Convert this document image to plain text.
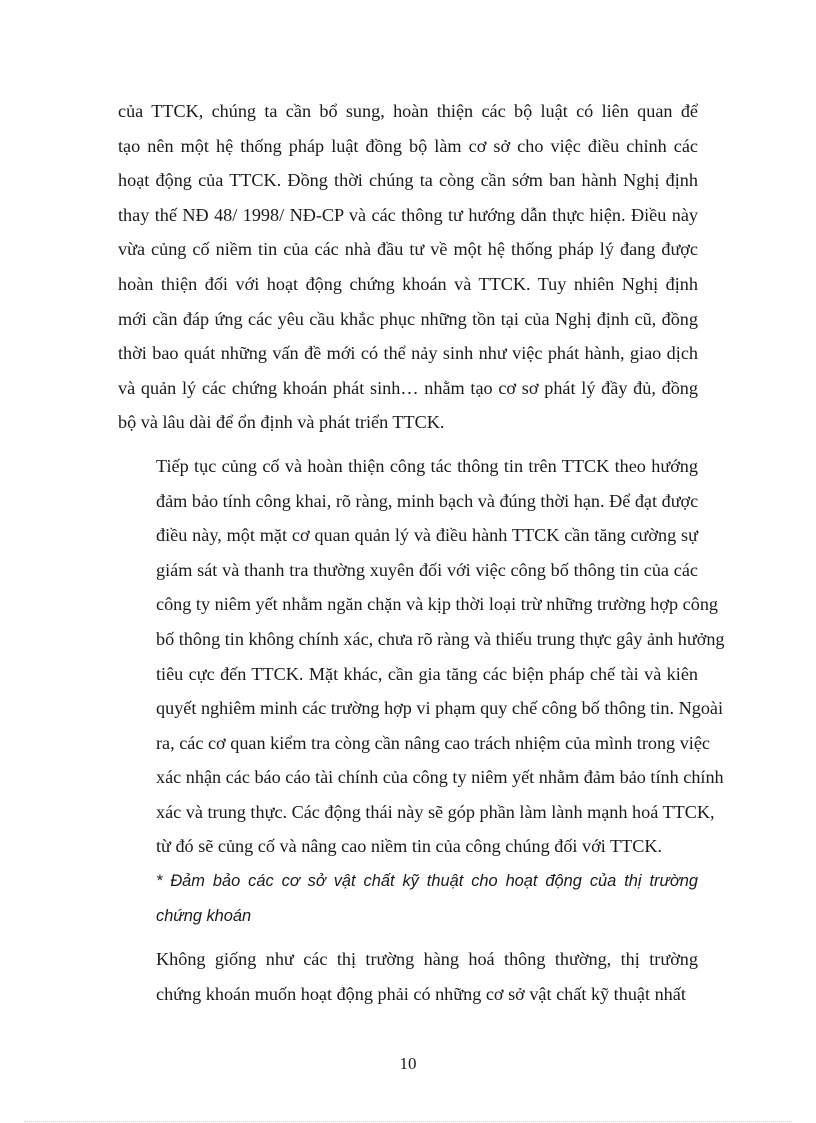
của TTCK, chúng ta cần bổ sung, hoàn thiện các bộ luật có liên quan để
tạo nên một hệ thống pháp luật đồng bộ làm cơ sở cho việc điều chỉnh các
hoạt động của TTCK. Đồng thời chúng ta còng cần sớm ban hành Nghị định
thay thế NĐ 48/ 1998/ NĐ-CP và các thông tư hướng dẫn thực hiện. Điều này
vừa củng cố niềm tin của các nhà đầu tư về một hệ thống pháp lý đang được
hoàn thiện đối với hoạt động chứng khoán và TTCK. Tuy nhiên Nghị định
mới cần đáp ứng các yêu cầu khắc phục những tồn tại của Nghị định cũ, đồng
thời bao quát những vấn đề mới có thể nảy sinh như việc phát hành, giao dịch
và quản lý các chứng khoán phát sinh… nhằm tạo cơ sơ phát lý đầy đủ, đồng
bộ và lâu dài để ổn định và phát triển TTCK.

Tiếp tục củng cố và hoàn thiện công tác thông tin trên TTCK theo hướng
đảm bảo tính công khai, rõ ràng, minh bạch và đúng thời hạn. Để đạt được
điều này, một mặt cơ quan quản lý và điều hành TTCK cần tăng cường sự
giám sát và thanh tra thường xuyên đối với việc công bố thông tin của các
công ty niêm yết nhằm ngăn chặn và kịp thời loại trừ những trường hợp công
bố thông tin không chính xác, chưa rõ ràng và thiếu trung thực gây ảnh hưởng
tiêu cực đến TTCK. Mặt khác, cần gia tăng các biện pháp chế tài và kiên
quyết nghiêm minh các trường hợp vi phạm quy chế công bố thông tin. Ngoài
ra, các cơ quan kiểm tra còng cần nâng cao trách nhiệm của mình trong việc
xác nhận các báo cáo tài chính của công ty niêm yết nhằm đảm bảo tính chính
xác và trung thực. Các động thái này sẽ góp phần làm lành mạnh hoá TTCK,
từ đó sẽ củng cố và nâng cao niềm tin của công chúng đối với TTCK.

* Đảm bảo các cơ sở vật chất kỹ thuật cho hoạt động của thị trường
chứng khoán

Không giống như các thị trường hàng hoá thông thường, thị trường
chứng khoán muốn hoạt động phải có những cơ sở vật chất kỹ thuật nhất

10
